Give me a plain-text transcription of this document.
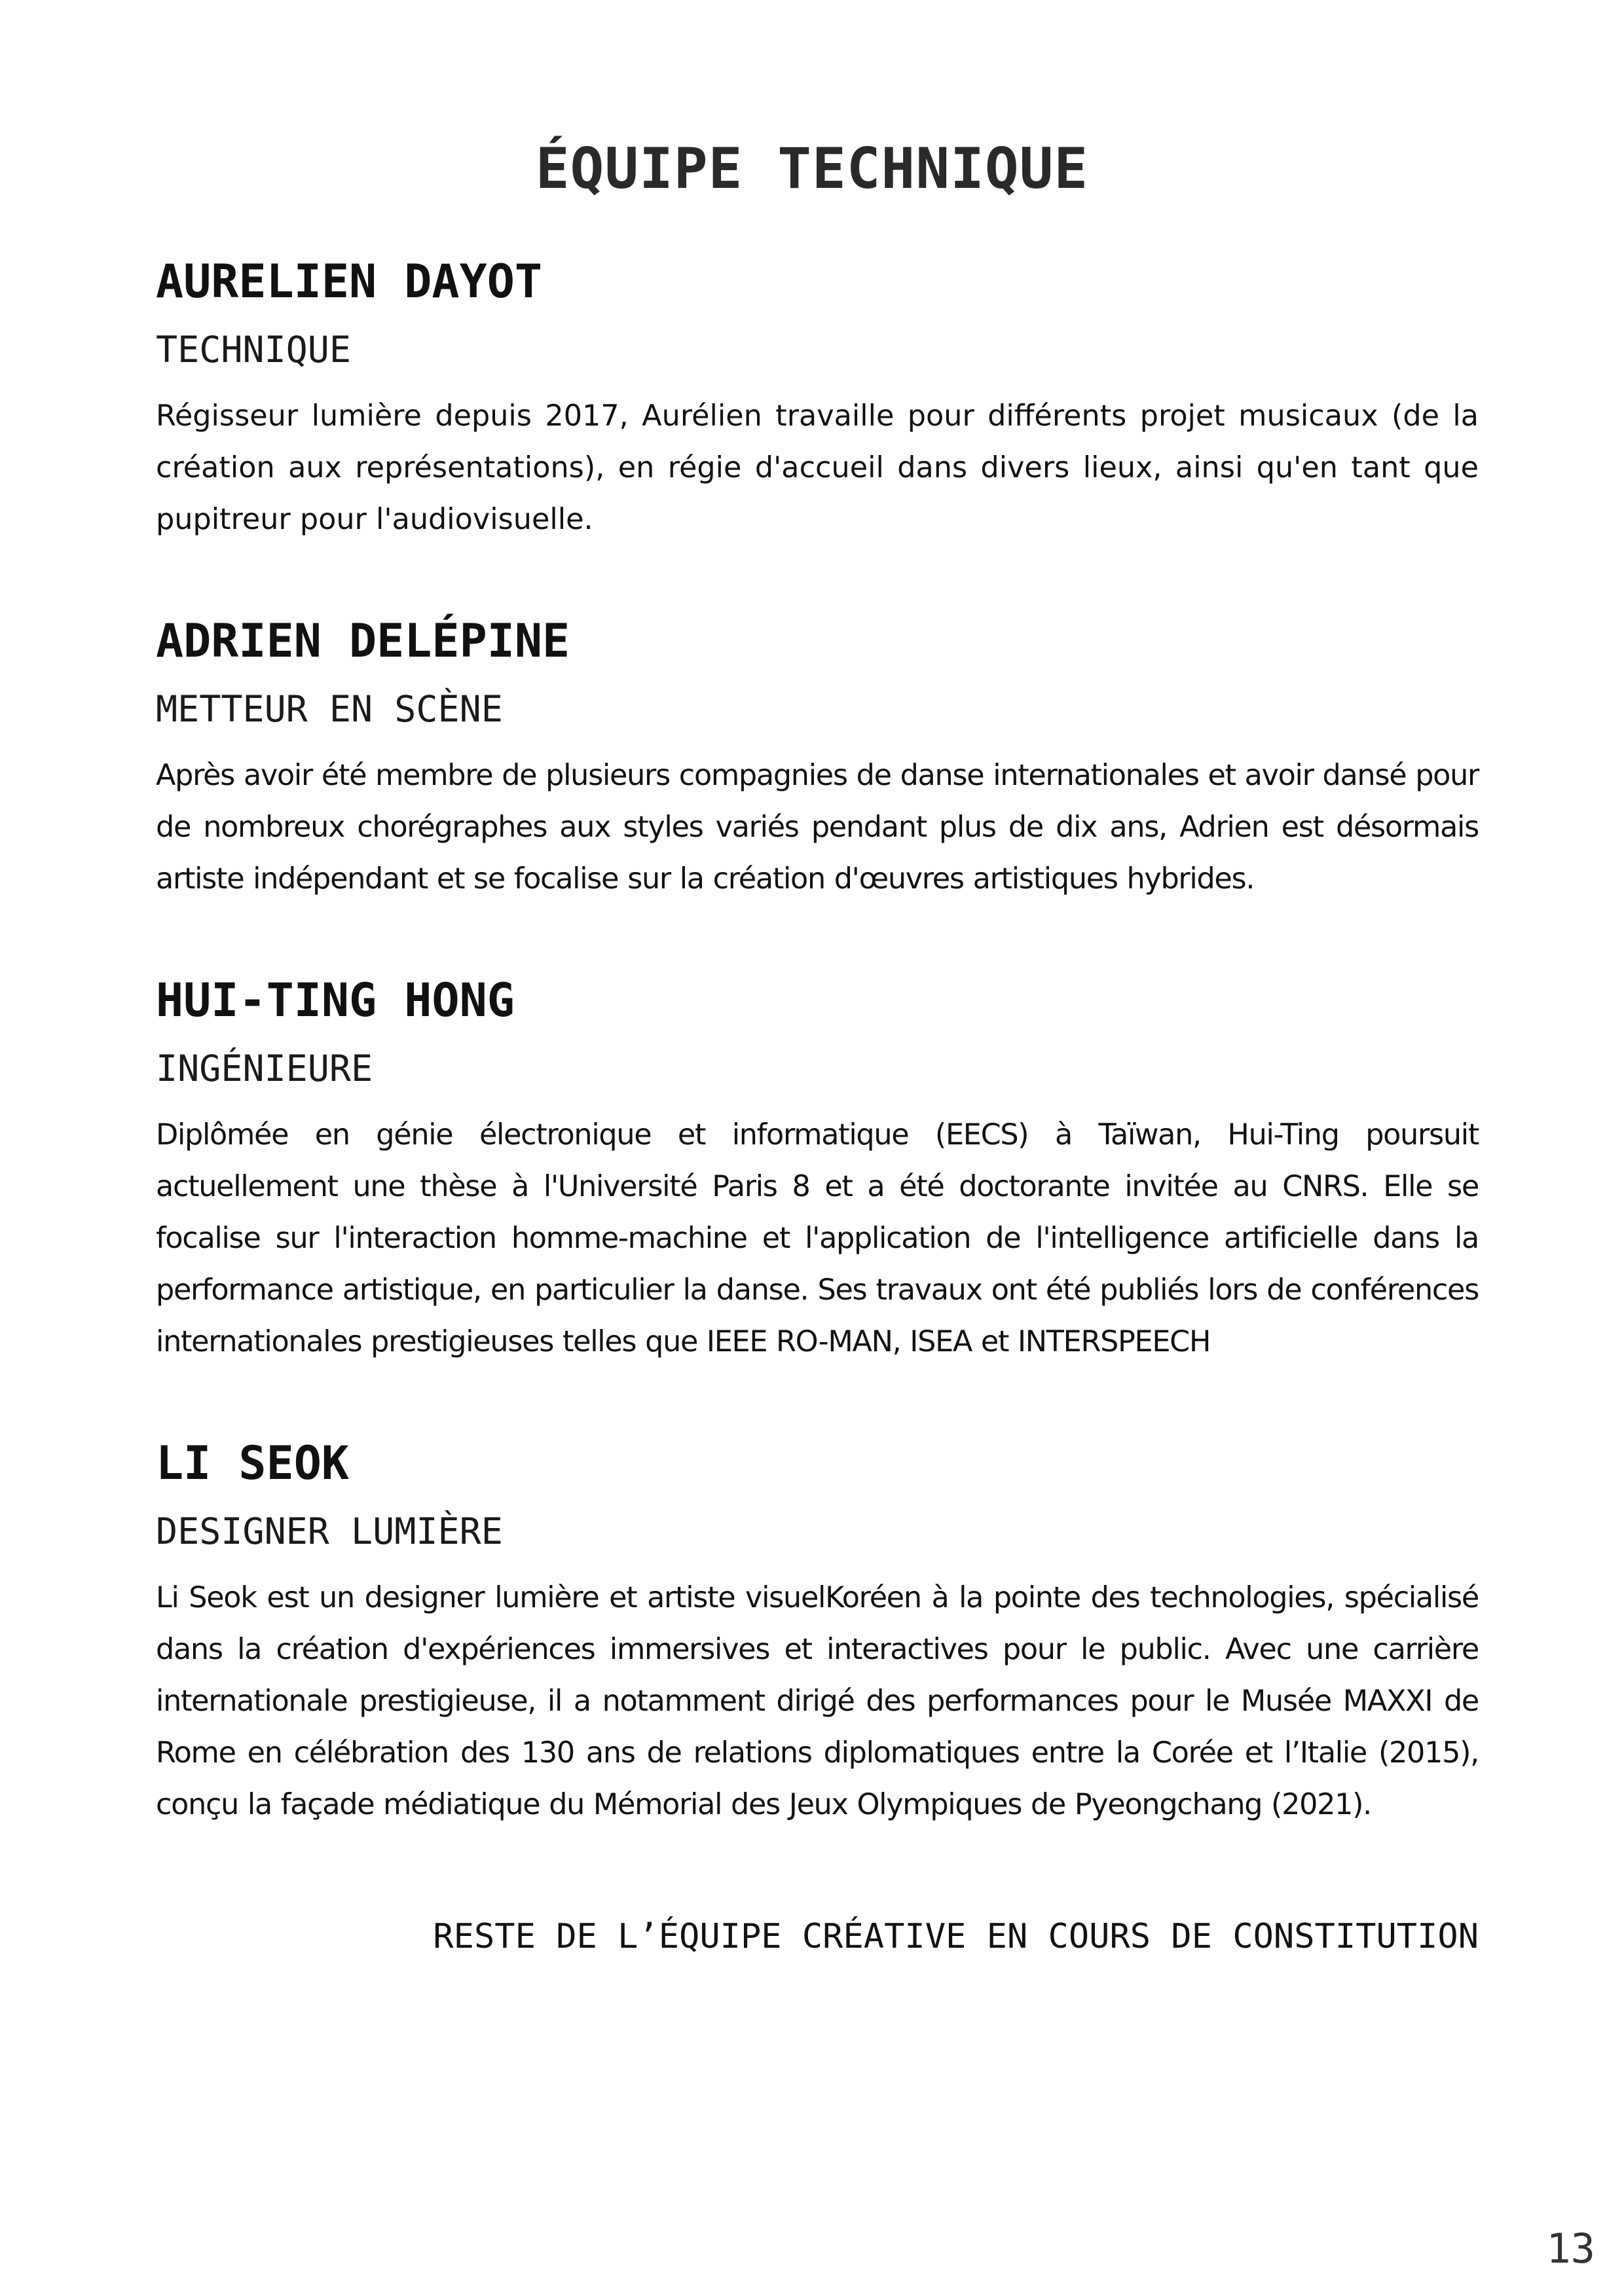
ÉQUIPE TECHNIQUE
AURELIEN DAYOT
TECHNIQUE

Régisseur lumière depuis 2017, Aurélien travaille pour différents projet musicaux (de la création aux représentations), en régie d'accueil dans divers lieux, ainsi qu'en tant que pupitreur pour l'audiovisuelle.

ADRIEN DELÉPINE
METTEUR EN SCÈNE

Après avoir été membre de plusieurs compagnies de danse internationales et avoir dansé pour de nombreux chorégraphes aux styles variés pendant plus de dix ans, Adrien est désormais artiste indépendant et se focalise sur la création d'œuvres artistiques hybrides.

HUI-TING HONG
INGÉNIEURE

Diplômée en génie électronique et informatique (EECS) à Taïwan, Hui-Ting poursuit actuellement une thèse à l'Université Paris 8 et a été doctorante invitée au CNRS. Elle se focalise sur l'interaction homme-machine et l'application de l'intelligence artificielle dans la performance artistique, en particulier la danse. Ses travaux ont été publiés lors de conférences internationales prestigieuses telles que IEEE RO-MAN, ISEA et INTERSPEECH

LI SEOK
DESIGNER LUMIÈRE

Li Seok est un designer lumière et artiste visuelKoréen à la pointe des technologies, spécialisé dans la création d'expériences immersives et interactives pour le public. Avec une carrière internationale prestigieuse, il a notamment dirigé des performances pour le Musée MAXXI de Rome en célébration des 130 ans de relations diplomatiques entre la Corée et l’Italie (2015), conçu la façade médiatique du Mémorial des Jeux Olympiques de Pyeongchang (2021).

RESTE DE L’ÉQUIPE CRÉATIVE EN COURS DE CONSTITUTION
13
